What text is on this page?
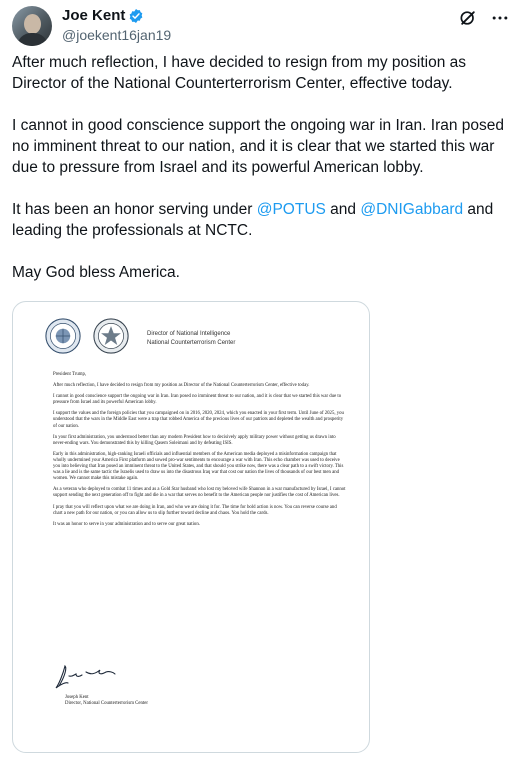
Joe Kent
@joekent16jan19

After much reflection, I have decided to resign from my position as Director of the National Counterterrorism Center, effective today.

I cannot in good conscience support the ongoing war in Iran. Iran posed no imminent threat to our nation, and it is clear that we started this war due to pressure from Israel and its powerful American lobby.

It has been an honor serving under @POTUS and @DNIGabbard and leading the professionals at NCTC.

May God bless America.

Director of National Intelligence
National Counterterrorism Center

President Trump,

After much reflection, I have decided to resign from my position as Director of the National Counterterrorism Center, effective today.

I cannot in good conscience support the ongoing war in Iran. Iran posed no imminent threat to our nation, and it is clear that we started this war due to pressure from Israel and its powerful American lobby.

I support the values and the foreign policies that you campaigned on in 2016, 2020, 2024, which you enacted in your first term. Until June of 2025, you understood that the wars in the Middle East were a trap that robbed America of the precious lives of our patriots and depleted the wealth and prosperity of our nation.

In your first administration, you understood better than any modern President how to decisively apply military power without getting us drawn into never-ending wars. You demonstrated this by killing Qasem Soleimani and by defeating ISIS.

Early in this administration, high-ranking Israeli officials and influential members of the American media deployed a misinformation campaign that wholly undermined your America First platform and sowed pro-war sentiments to encourage a war with Iran. This echo chamber was used to deceive you into believing that Iran posed an imminent threat to the United States, and that should you strike now, there was a clear path to a swift victory. This was a lie and is the same tactic the Israelis used to draw us into the disastrous Iraq war that cost our nation the lives of thousands of our best men and women. We cannot make this mistake again.

As a veteran who deployed to combat 11 times and as a Gold Star husband who lost my beloved wife Shannon in a war manufactured by Israel, I cannot support sending the next generation off to fight and die in a war that serves no benefit to the American people nor justifies the cost of American lives.

I pray that you will reflect upon what we are doing in Iran, and who we are doing it for. The time for bold action is now. You can reverse course and chart a new path for our nation, or you can allow us to slip further toward decline and chaos. You hold the cards.

It was an honor to serve in your administration and to serve our great nation.

Joseph Kent
Director, National Counterterrorism Center
